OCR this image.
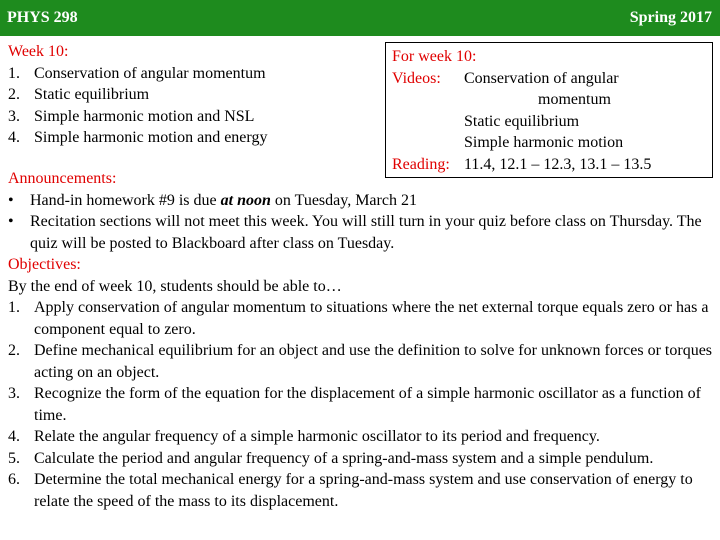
PHYS 298	Spring 2017
Week 10:
1. Conservation of angular momentum
2. Static equilibrium
3. Simple harmonic motion and NSL
4. Simple harmonic motion and energy
For week 10:
Videos: Conservation of angular
momentum
Static equilibrium
Simple harmonic motion
Reading: 11.4, 12.1 – 12.3, 13.1 – 13.5
Announcements:
• Hand-in homework #9 is due at noon on Tuesday, March 21
• Recitation sections will not meet this week. You will still turn in your quiz before class on Thursday. The quiz will be posted to Blackboard after class on Tuesday.
Objectives:
By the end of week 10, students should be able to…
1. Apply conservation of angular momentum to situations where the net external torque equals zero or has a component equal to zero.
2. Define mechanical equilibrium for an object and use the definition to solve for unknown forces or torques acting on an object.
3. Recognize the form of the equation for the displacement of a simple harmonic oscillator as a function of time.
4. Relate the angular frequency of a simple harmonic oscillator to its period and frequency.
5. Calculate the period and angular frequency of a spring-and-mass system and a simple pendulum.
6. Determine the total mechanical energy for a spring-and-mass system and use conservation of energy to relate the speed of the mass to its displacement.
